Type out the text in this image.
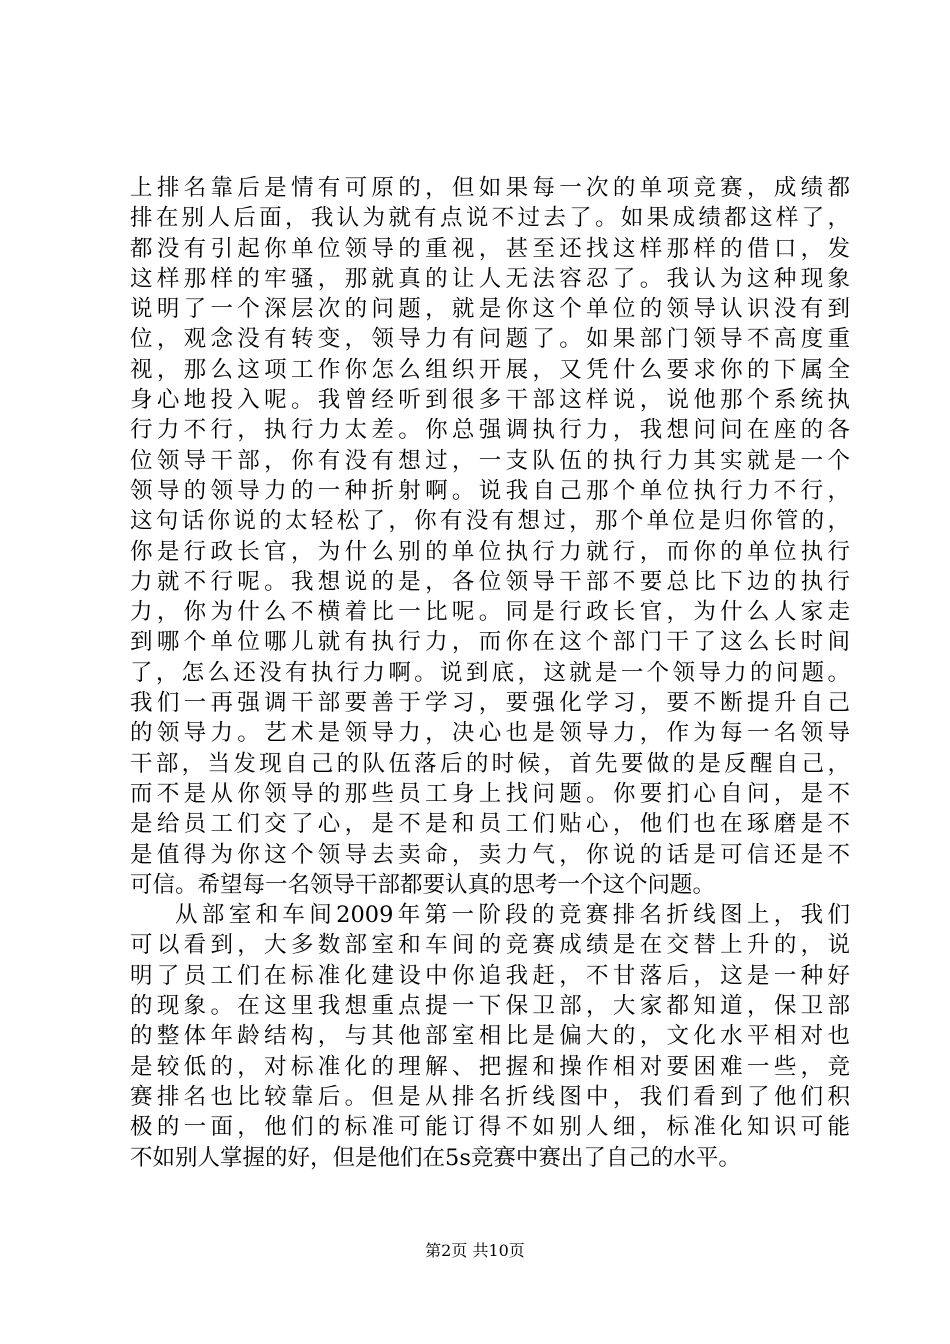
上排名靠后是情有可原的，但如果每一次的单项竞赛，成绩都
排在别人后面，我认为就有点说不过去了。如果成绩都这样了，
都没有引起你单位领导的重视，甚至还找这样那样的借口，发
这样那样的牢骚，那就真的让人无法容忍了。我认为这种现象
说明了一个深层次的问题，就是你这个单位的领导认识没有到
位，观念没有转变，领导力有问题了。如果部门领导不高度重
视，那么这项工作你怎么组织开展，又凭什么要求你的下属全
身心地投入呢。我曾经听到很多干部这样说，说他那个系统执
行力不行，执行力太差。你总强调执行力，我想问问在座的各
位领导干部，你有没有想过，一支队伍的执行力其实就是一个
领导的领导力的一种折射啊。说我自己那个单位执行力不行，
这句话你说的太轻松了，你有没有想过，那个单位是归你管的，
你是行政长官，为什么别的单位执行力就行，而你的单位执行
力就不行呢。我想说的是，各位领导干部不要总比下边的执行
力，你为什么不横着比一比呢。同是行政长官，为什么人家走
到哪个单位哪儿就有执行力，而你在这个部门干了这么长时间
了，怎么还没有执行力啊。说到底，这就是一个领导力的问题。
我们一再强调干部要善于学习，要强化学习，要不断提升自己
的领导力。艺术是领导力，决心也是领导力，作为每一名领导
干部，当发现自己的队伍落后的时候，首先要做的是反醒自己，
而不是从你领导的那些员工身上找问题。你要扪心自问，是不
是给员工们交了心，是不是和员工们贴心，他们也在琢磨是不
是值得为你这个领导去卖命，卖力气，你说的话是可信还是不
可信。希望每一名领导干部都要认真的思考一个这个问题。
从部室和车间2009年第一阶段的竞赛排名折线图上，我们
可以看到，大多数部室和车间的竞赛成绩是在交替上升的，说
明了员工们在标准化建设中你追我赶，不甘落后，这是一种好
的现象。在这里我想重点提一下保卫部，大家都知道，保卫部
的整体年龄结构，与其他部室相比是偏大的，文化水平相对也
是较低的，对标准化的理解、把握和操作相对要困难一些，竞
赛排名也比较靠后。但是从排名折线图中，我们看到了他们积
极的一面，他们的标准可能订得不如别人细，标准化知识可能
不如别人掌握的好，但是他们在5s竞赛中赛出了自己的水平。
第2页 共10页
